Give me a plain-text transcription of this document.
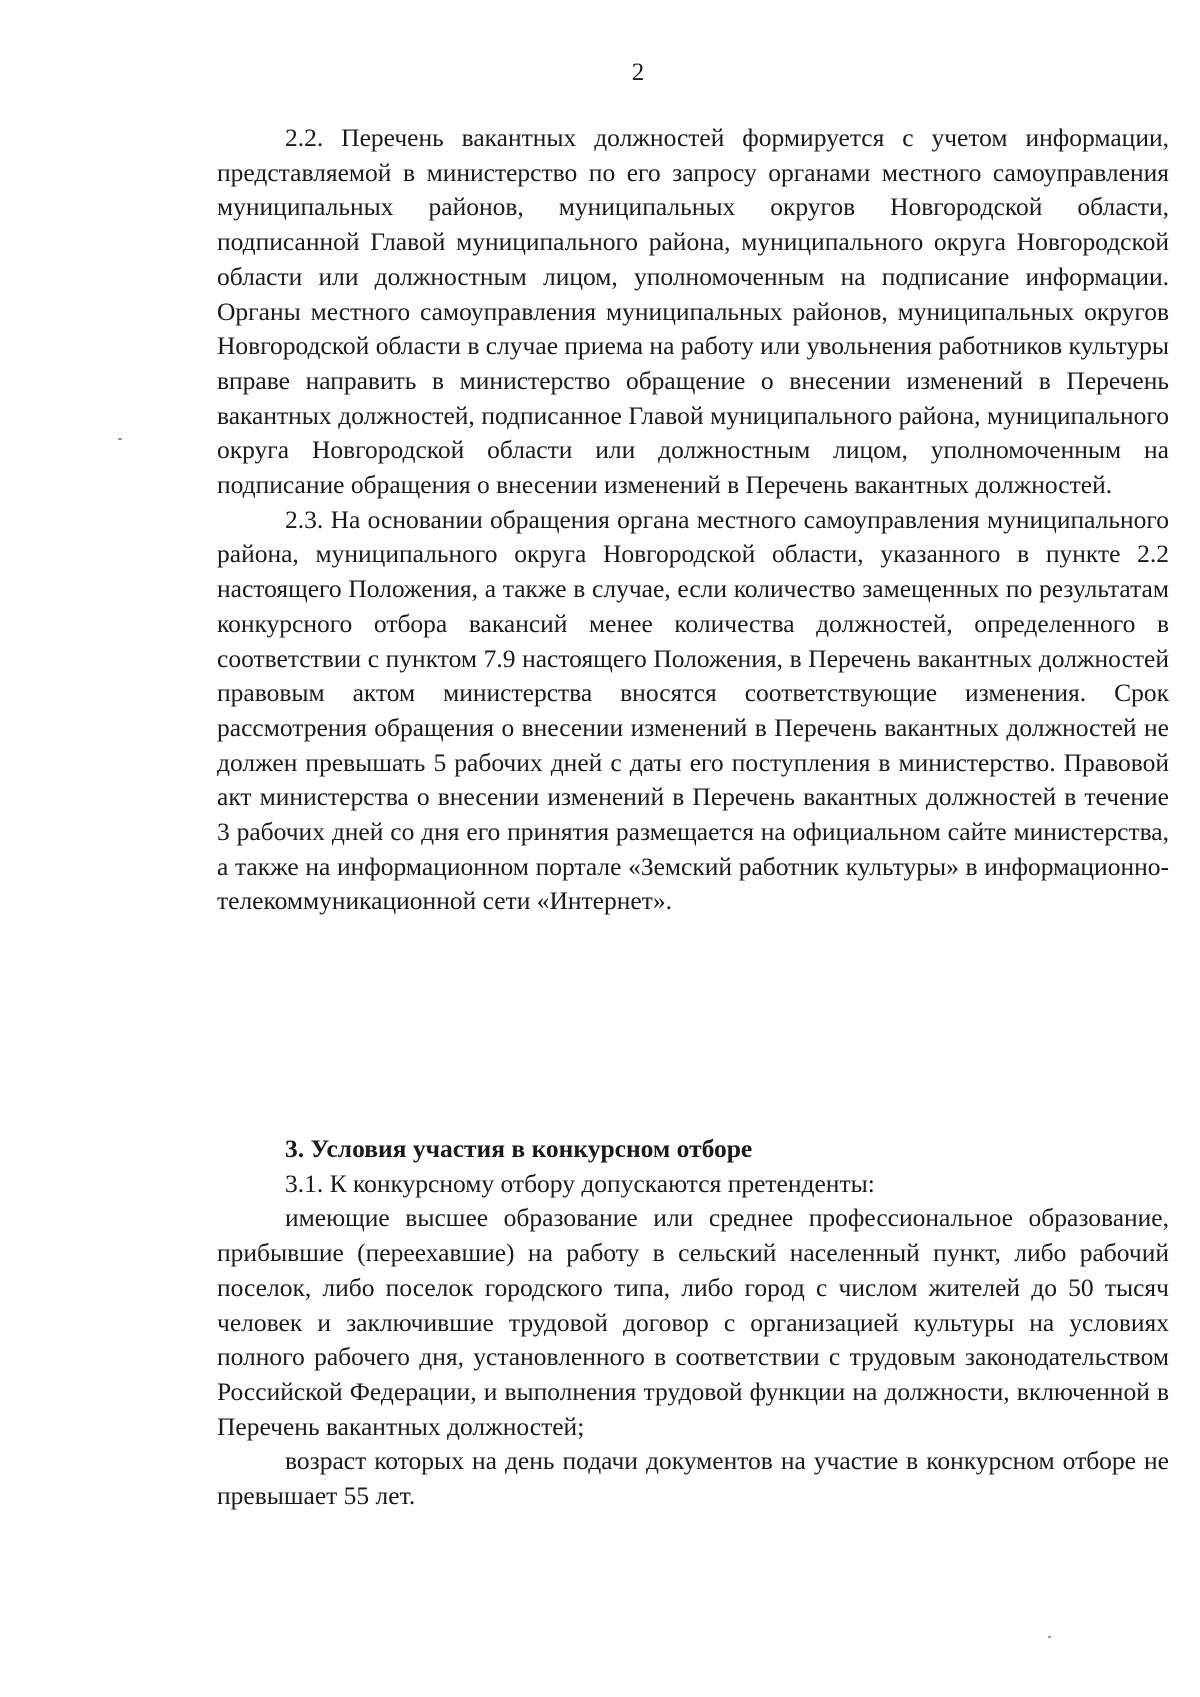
2

2.2. Перечень вакантных должностей формируется с учетом информации, представляемой в министерство по его запросу органами местного самоуправления муниципальных районов, муниципальных округов Новгородской области, подписанной Главой муниципального района, муниципального округа Новгородской области или должностным лицом, уполномоченным на подписание информации. Органы местного самоуправления муниципальных районов, муниципальных округов Новгородской области в случае приема на работу или увольнения работников культуры вправе направить в министерство обращение о внесении изменений в Перечень вакантных должностей, подписанное Главой муниципального района, муниципального округа Новгородской области или должностным лицом, уполномоченным на подписание обращения о внесении изменений в Перечень вакантных должностей.

2.3. На основании обращения органа местного самоуправления муниципального района, муниципального округа Новгородской области, указанного в пункте 2.2 настоящего Положения, а также в случае, если количество замещенных по результатам конкурсного отбора вакансий менее количества должностей, определенного в соответствии с пунктом 7.9 настоящего Положения, в Перечень вакантных должностей правовым актом министерства вносятся соответствующие изменения. Срок рассмотрения обращения о внесении изменений в Перечень вакантных должностей не должен превышать 5 рабочих дней с даты его поступления в министерство. Правовой акт министерства о внесении изменений в Перечень вакантных должностей в течение 3 рабочих дней со дня его принятия размещается на официальном сайте министерства, а также на информационном портале «Земский работник культуры» в информационно-телекоммуникационной сети «Интернет».

3. Условия участия в конкурсном отборе

3.1. К конкурсному отбору допускаются претенденты:

имеющие высшее образование или среднее профессиональное образование, прибывшие (переехавшие) на работу в сельский населенный пункт, либо рабочий поселок, либо поселок городского типа, либо город с числом жителей до 50 тысяч человек и заключившие трудовой договор с организацией культуры на условиях полного рабочего дня, установленного в соответствии с трудовым законодательством Российской Федерации, и выполнения трудовой функции на должности, включенной в Перечень вакантных должностей;

возраст которых на день подачи документов на участие в конкурсном отборе не превышает 55 лет.
